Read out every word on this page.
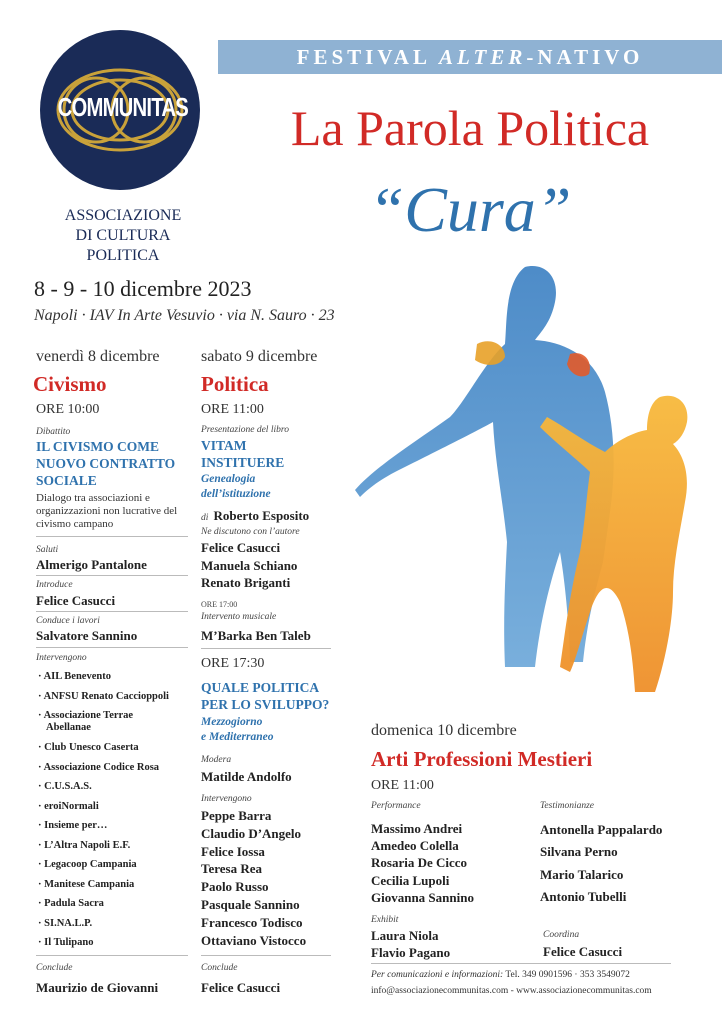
COMMUNITAS
ASSOCIAZIONE
DI CULTURA POLITICA
FESTIVAL ALTER-NATIVO
La Parola Politica
“Cura”
8 - 9 - 10 dicembre 2023
Napoli · IAV In Arte Vesuvio · via N. Sauro · 23
venerdì 8 dicembre
Civismo
ORE 10:00
Dibattito
IL CIVISMO COME
NUOVO CONTRATTO
SOCIALE
Dialogo tra associazioni e
organizzazioni non lucrative del
civismo campano
Saluti
Almerigo Pantalone
Introduce
Felice Casucci
Conduce i lavori
Salvatore Sannino
Intervengono
· AIL Benevento
· ANFSU Renato Caccioppoli
· Associazione Terrae
Abellanae
· Club Unesco Caserta
· Associazione Codice Rosa
· C.U.S.A.S.
· eroiNormali
· Insieme per…
· L’Altra Napoli E.F.
· Legacoop Campania
· Manitese Campania
· Padula Sacra
· SI.NA.L.P.
· Il Tulipano
Conclude
Maurizio de Giovanni
sabato 9 dicembre
Politica
ORE 11:00
Presentazione del libro
VITAM
INSTITUERE
Genealogia
dell’istituzione
di Roberto Esposito
Ne discutono con l’autore
Felice Casucci
Manuela Schiano
Renato Briganti
ORE 17:00
Intervento musicale
M’Barka Ben Taleb
ORE 17:30
QUALE POLITICA
PER LO SVILUPPO?
Mezzogiorno
e Mediterraneo
Modera
Matilde Andolfo
Intervengono
Peppe Barra
Claudio D’Angelo
Felice Iossa
Teresa Rea
Paolo Russo
Pasquale Sannino
Francesco Todisco
Ottaviano Vistocco
Conclude
Felice Casucci
domenica 10 dicembre
Arti Professioni Mestieri
ORE 11:00
Performance
Massimo Andrei
Amedeo Colella
Rosaria De Cicco
Cecilia Lupoli
Giovanna Sannino
Testimonianze
Antonella Pappalardo
Silvana Perno
Mario Talarico
Antonio Tubelli
Exhibit
Laura Niola
Flavio Pagano
Coordina
Felice Casucci
Per comunicazioni e informazioni: Tel. 349 0901596 · 353 3549072
info@associazionecommunitas.com - www.associazionecommunitas.com
